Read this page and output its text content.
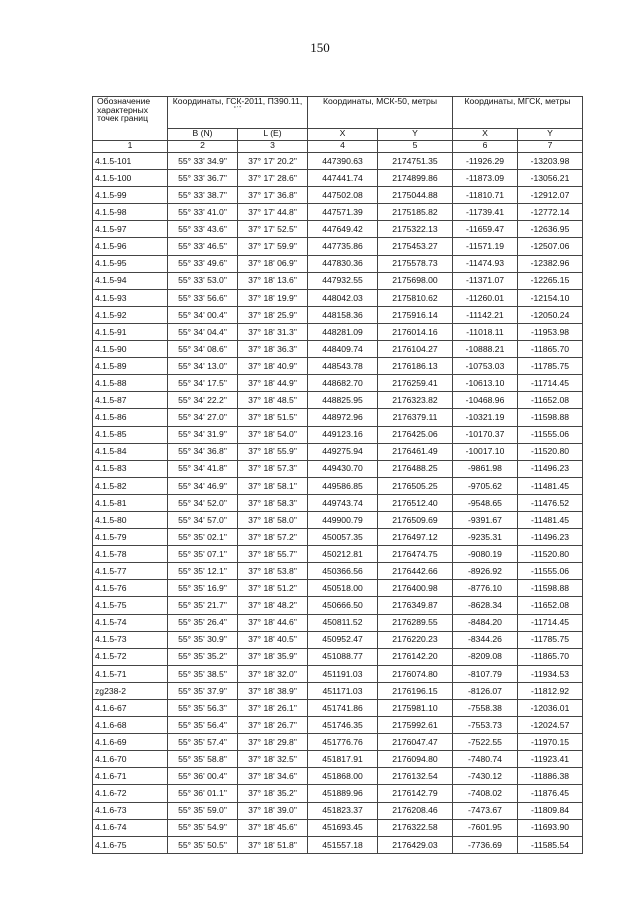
150
Обозначение
характерных
точек границ	Координаты, ГСК-2011, ПЗ90.11,
° ' "		Координаты, МСК-50, метры		Координаты, МГСК, метры	
	B (N)	L (E)	X	Y	X	Y
1	2	3	4	5	6	7
4.1.5-101	55° 33' 34.9"	37° 17' 20.2"	447390.63	2174751.35	-11926.29	-13203.98
4.1.5-100	55° 33' 36.7"	37° 17' 28.6"	447441.74	2174899.86	-11873.09	-13056.21
4.1.5-99	55° 33' 38.7"	37° 17' 36.8"	447502.08	2175044.88	-11810.71	-12912.07
4.1.5-98	55° 33' 41.0"	37° 17' 44.8"	447571.39	2175185.82	-11739.41	-12772.14
4.1.5-97	55° 33' 43.6"	37° 17' 52.5"	447649.42	2175322.13	-11659.47	-12636.95
4.1.5-96	55° 33' 46.5"	37° 17' 59.9"	447735.86	2175453.27	-11571.19	-12507.06
4.1.5-95	55° 33' 49.6"	37° 18' 06.9"	447830.36	2175578.73	-11474.93	-12382.96
4.1.5-94	55° 33' 53.0"	37° 18' 13.6"	447932.55	2175698.00	-11371.07	-12265.15
4.1.5-93	55° 33' 56.6"	37° 18' 19.9"	448042.03	2175810.62	-11260.01	-12154.10
4.1.5-92	55° 34' 00.4"	37° 18' 25.9"	448158.36	2175916.14	-11142.21	-12050.24
4.1.5-91	55° 34' 04.4"	37° 18' 31.3"	448281.09	2176014.16	-11018.11	-11953.98
4.1.5-90	55° 34' 08.6"	37° 18' 36.3"	448409.74	2176104.27	-10888.21	-11865.70
4.1.5-89	55° 34' 13.0"	37° 18' 40.9"	448543.78	2176186.13	-10753.03	-11785.75
4.1.5-88	55° 34' 17.5"	37° 18' 44.9"	448682.70	2176259.41	-10613.10	-11714.45
4.1.5-87	55° 34' 22.2"	37° 18' 48.5"	448825.95	2176323.82	-10468.96	-11652.08
4.1.5-86	55° 34' 27.0"	37° 18' 51.5"	448972.96	2176379.11	-10321.19	-11598.88
4.1.5-85	55° 34' 31.9"	37° 18' 54.0"	449123.16	2176425.06	-10170.37	-11555.06
4.1.5-84	55° 34' 36.8"	37° 18' 55.9"	449275.94	2176461.49	-10017.10	-11520.80
4.1.5-83	55° 34' 41.8"	37° 18' 57.3"	449430.70	2176488.25	-9861.98	-11496.23
4.1.5-82	55° 34' 46.9"	37° 18' 58.1"	449586.85	2176505.25	-9705.62	-11481.45
4.1.5-81	55° 34' 52.0"	37° 18' 58.3"	449743.74	2176512.40	-9548.65	-11476.52
4.1.5-80	55° 34' 57.0"	37° 18' 58.0"	449900.79	2176509.69	-9391.67	-11481.45
4.1.5-79	55° 35' 02.1"	37° 18' 57.2"	450057.35	2176497.12	-9235.31	-11496.23
4.1.5-78	55° 35' 07.1"	37° 18' 55.7"	450212.81	2176474.75	-9080.19	-11520.80
4.1.5-77	55° 35' 12.1"	37° 18' 53.8"	450366.56	2176442.66	-8926.92	-11555.06
4.1.5-76	55° 35' 16.9"	37° 18' 51.2"	450518.00	2176400.98	-8776.10	-11598.88
4.1.5-75	55° 35' 21.7"	37° 18' 48.2"	450666.50	2176349.87	-8628.34	-11652.08
4.1.5-74	55° 35' 26.4"	37° 18' 44.6"	450811.52	2176289.55	-8484.20	-11714.45
4.1.5-73	55° 35' 30.9"	37° 18' 40.5"	450952.47	2176220.23	-8344.26	-11785.75
4.1.5-72	55° 35' 35.2"	37° 18' 35.9"	451088.77	2176142.20	-8209.08	-11865.70
4.1.5-71	55° 35' 38.5"	37° 18' 32.0"	451191.03	2176074.80	-8107.79	-11934.53
zg238-2	55° 35' 37.9"	37° 18' 38.9"	451171.03	2176196.15	-8126.07	-11812.92
4.1.6-67	55° 35' 56.3"	37° 18' 26.1"	451741.86	2175981.10	-7558.38	-12036.01
4.1.6-68	55° 35' 56.4"	37° 18' 26.7"	451746.35	2175992.61	-7553.73	-12024.57
4.1.6-69	55° 35' 57.4"	37° 18' 29.8"	451776.76	2176047.47	-7522.55	-11970.15
4.1.6-70	55° 35' 58.8"	37° 18' 32.5"	451817.91	2176094.80	-7480.74	-11923.41
4.1.6-71	55° 36' 00.4"	37° 18' 34.6"	451868.00	2176132.54	-7430.12	-11886.38
4.1.6-72	55° 36' 01.1"	37° 18' 35.2"	451889.96	2176142.79	-7408.02	-11876.45
4.1.6-73	55° 35' 59.0"	37° 18' 39.0"	451823.37	2176208.46	-7473.67	-11809.84
4.1.6-74	55° 35' 54.9"	37° 18' 45.6"	451693.45	2176322.58	-7601.95	-11693.90
4.1.6-75	55° 35' 50.5"	37° 18' 51.8"	451557.18	2176429.03	-7736.69	-11585.54
